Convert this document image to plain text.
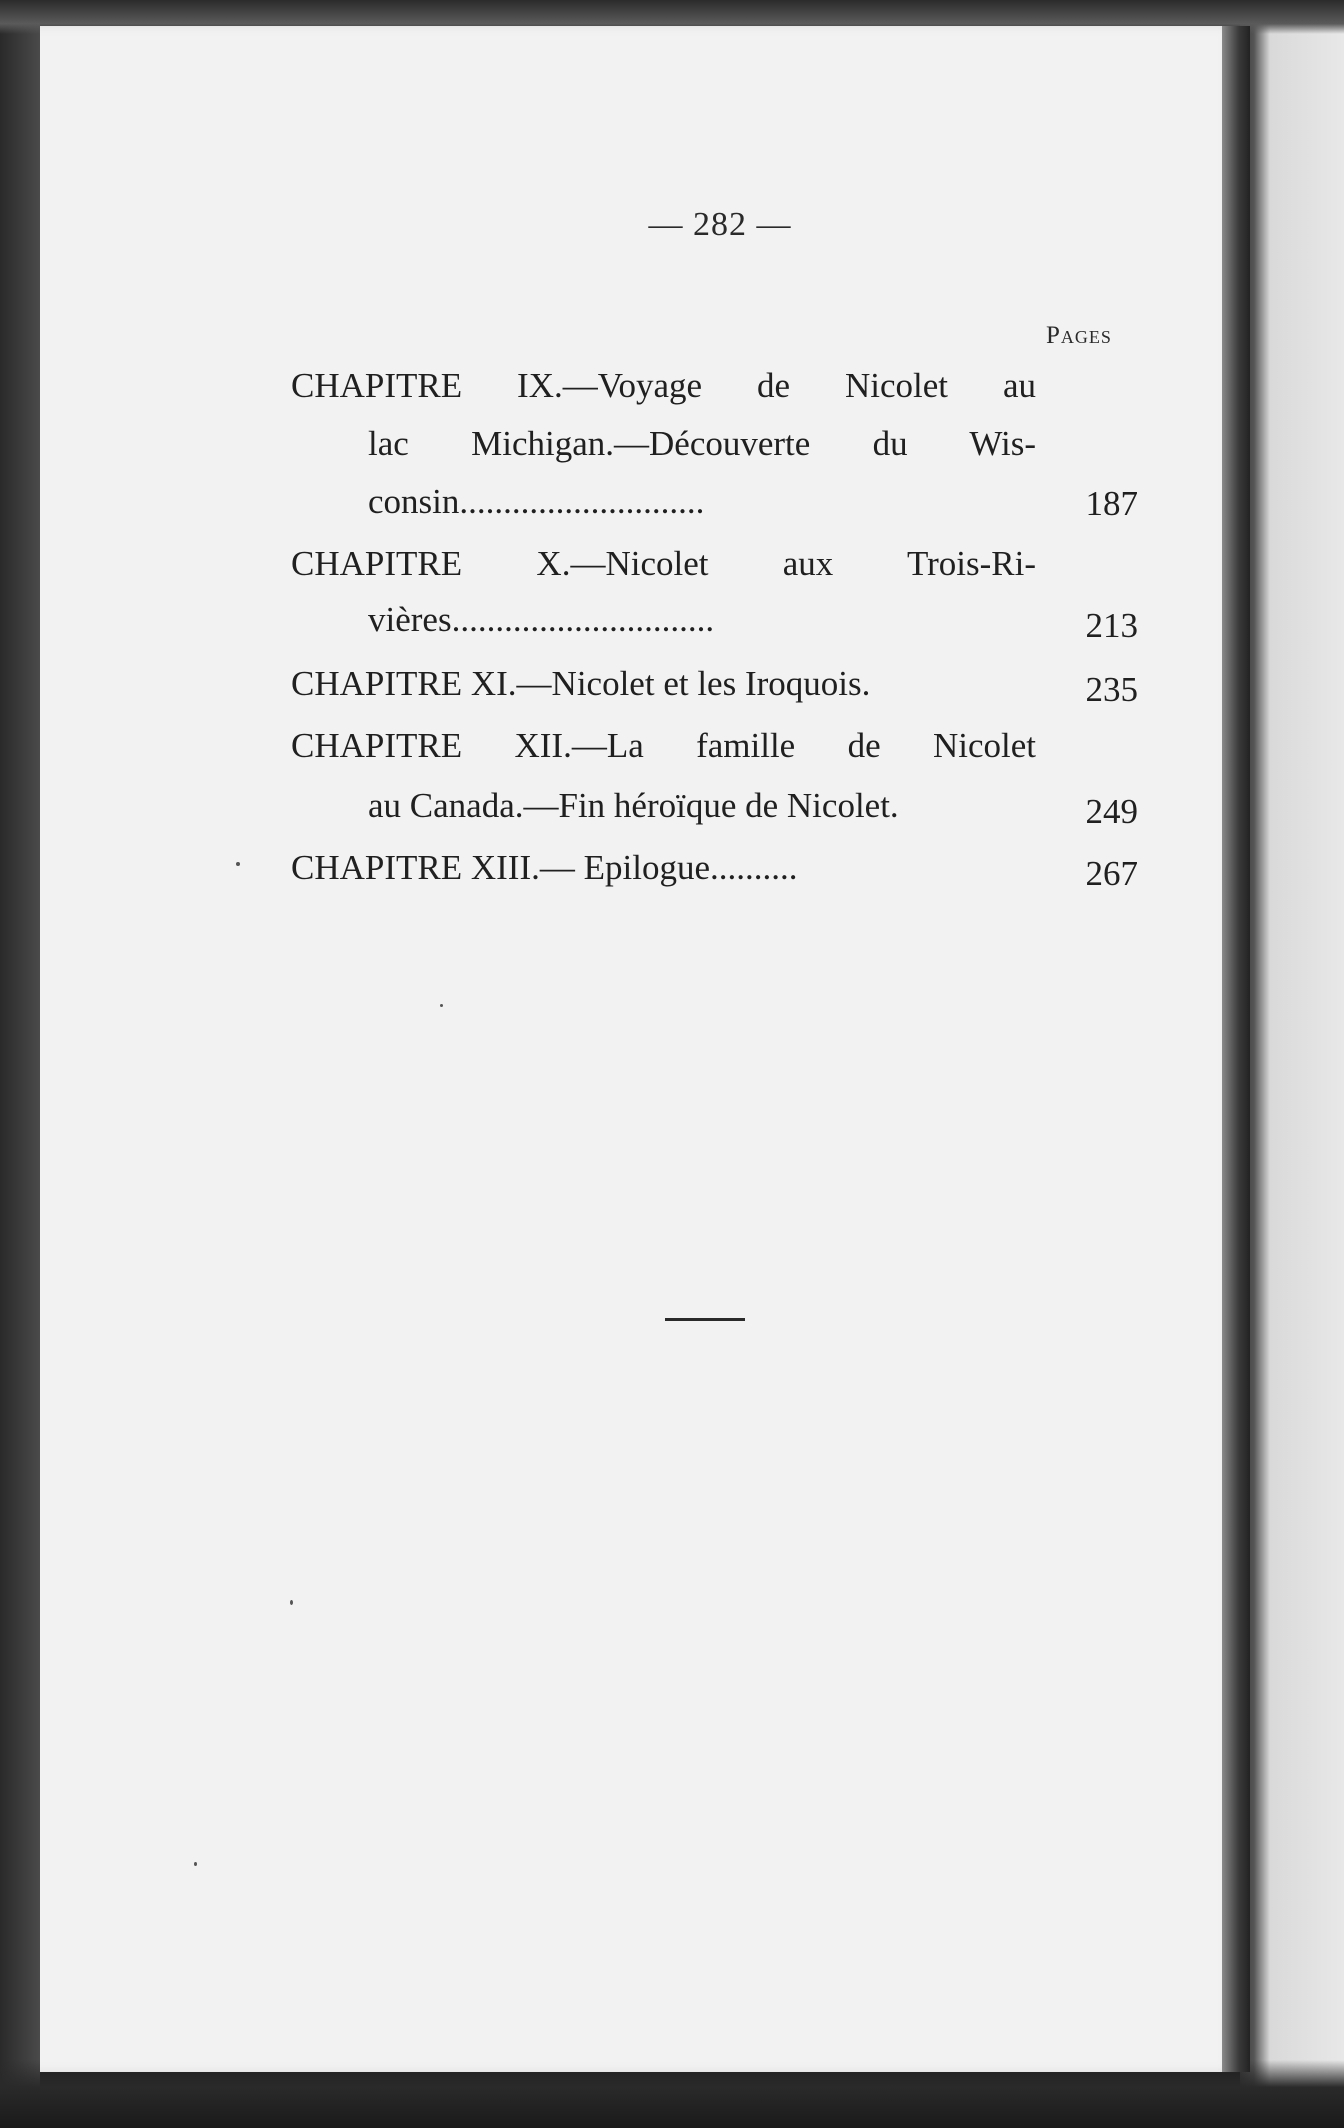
— 282 —
Pages
CHAPITRE IX.—Voyage de Nicolet au
lac Michigan.—Découverte du Wis-
consin............................	187
CHAPITRE X.—Nicolet aux Trois-Ri-
vières..............................	213
CHAPITRE XI.—Nicolet et les Iroquois.	235
CHAPITRE XII.—La famille de Nicolet
au Canada.—Fin héroïque de Nicolet.	249
CHAPITRE XIII.— Epilogue..........	267
